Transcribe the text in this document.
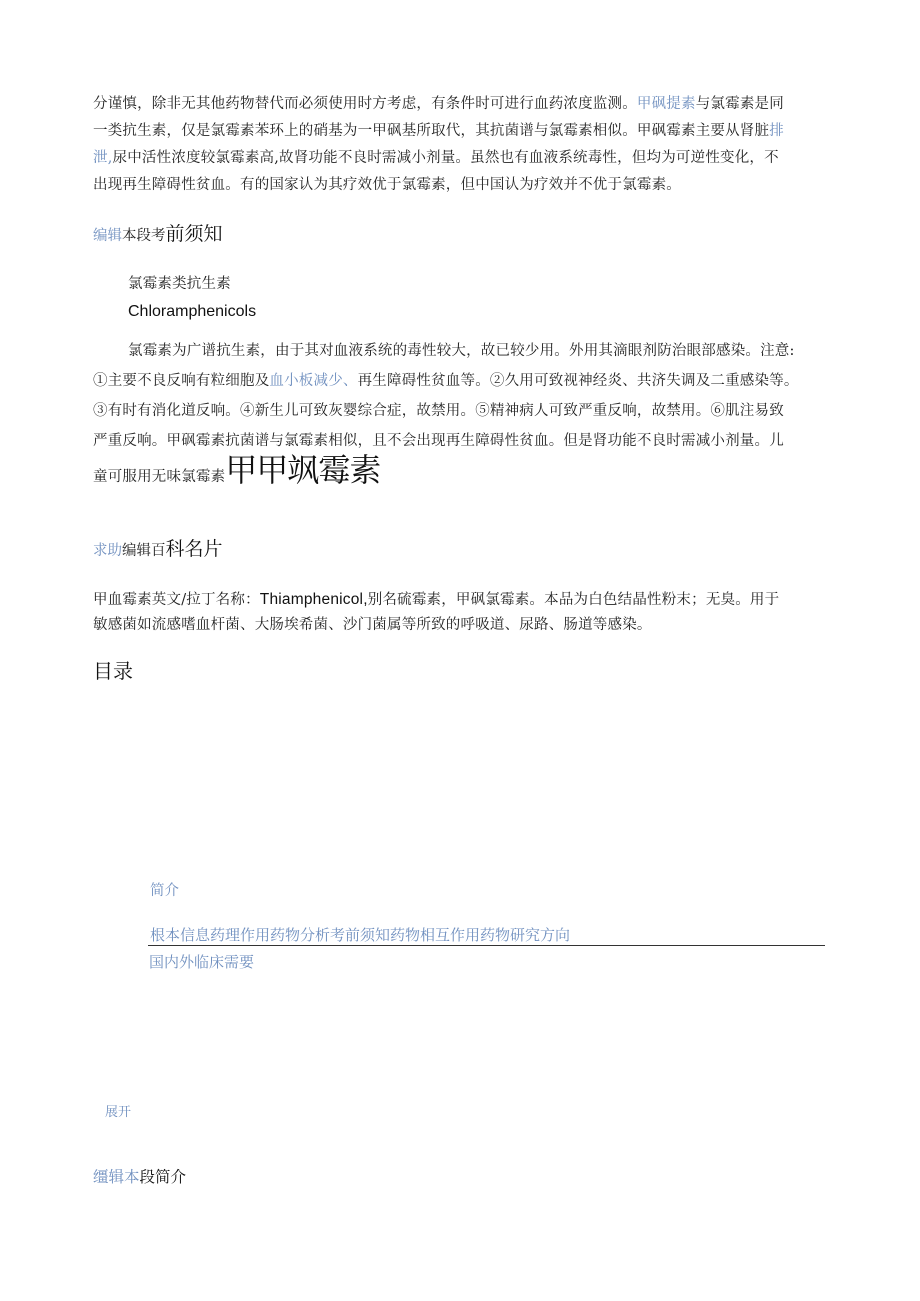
分谨慎，除非无其他药物替代而必须使用时方考虑，有条件时可进行血药浓度监测。甲砜提素与氯霉素是同
一类抗生素，仅是氯霉素苯环上的硝基为一甲砜基所取代，其抗菌谱与氯霉素相似。甲砜霉素主要从肾脏排
泄,尿中活性浓度较氯霉素高,故肾功能不良时需减小剂量。虽然也有血液系统毒性，但均为可逆性变化，不
出现再生障碍性贫血。有的国家认为其疗效优于氯霉素，但中国认为疗效并不优于氯霉素。
编辑本段考前须知
氯霉素类抗生素
Chloramphenicols
氯霉素为广谱抗生素，由于其对血液系统的毒性较大，故已较少用。外用其滴眼剂防治眼部感染。注意:
①主要不良反响有粒细胞及血小板减少、再生障碍性贫血等。②久用可致视神经炎、共济失调及二重感染等。
③有时有消化道反响。④新生儿可致灰婴综合症，故禁用。⑤精神病人可致严重反响，故禁用。⑥肌注易致
严重反响。甲砜霉素抗菌谱与氯霉素相似，且不会出现再生障碍性贫血。但是肾功能不良时需减小剂量。儿
童可服用无味氯霉素甲甲飒霉素
求助编辑百科名片
甲血霉素英文/拉丁名称：Thiamphenicol,别名硫霉素，甲砜氯霉素。本品为白色结晶性粉末；无臭。用于
敏感菌如流感嗜血杆菌、大肠埃希菌、沙门菌属等所致的呼吸道、尿路、肠道等感染。
目录
简介
根本信息药理作用药物分析考前须知药物相互作用药物研究方向
国内外临床需要
展开
缰辑本段简介
